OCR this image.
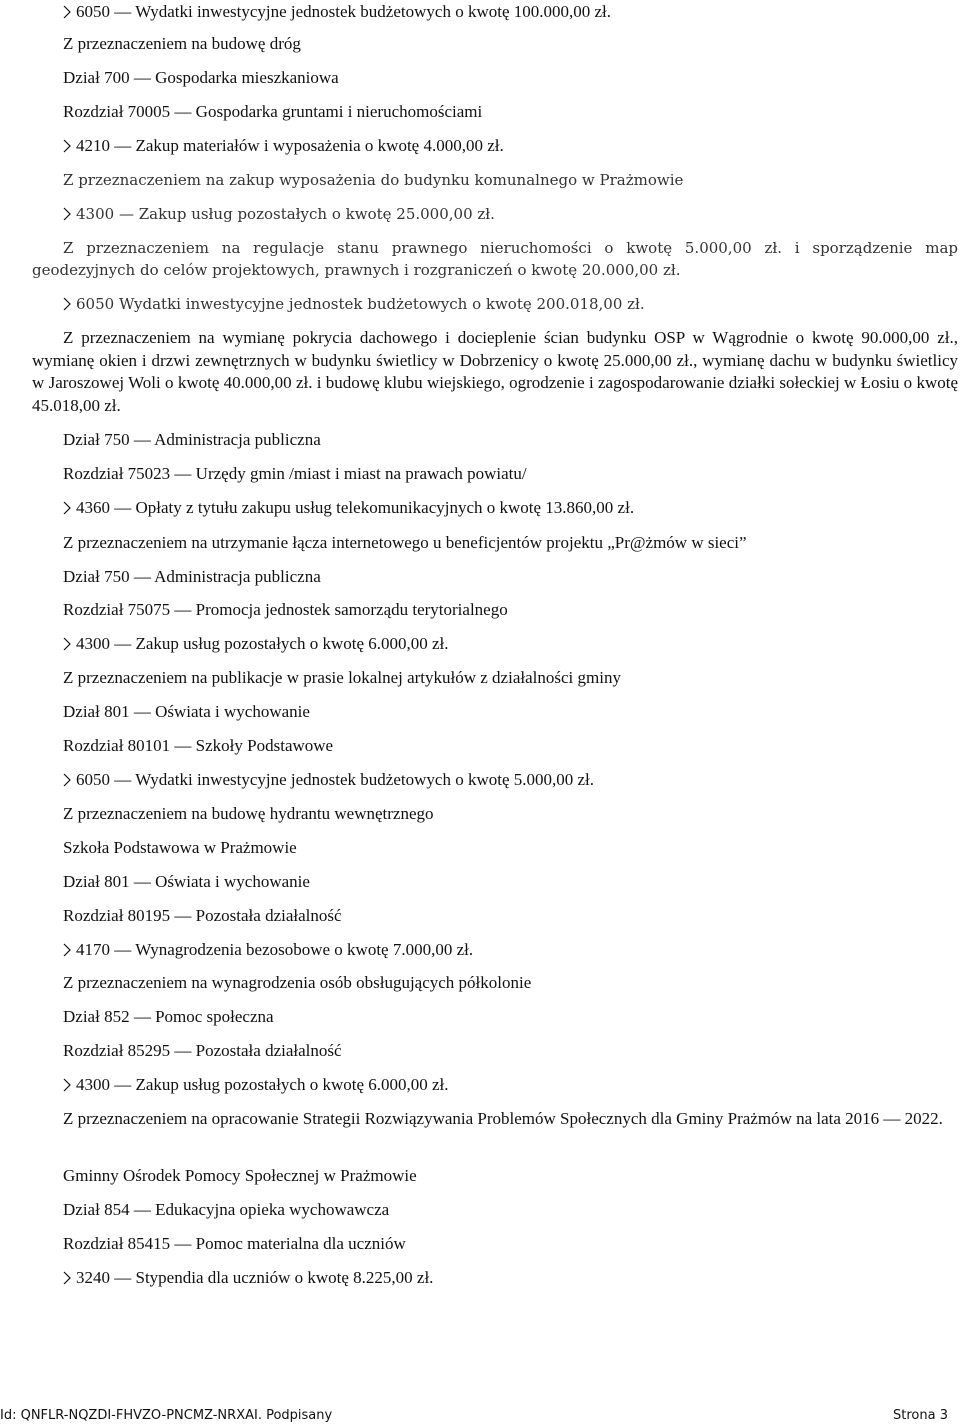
6050 — Wydatki inwestycyjne jednostek budżetowych o kwotę 100.000,00 zł.
Z przeznaczeniem na budowę dróg
Dział 700 — Gospodarka mieszkaniowa
Rozdział 70005 — Gospodarka gruntami i nieruchomościami
4210 — Zakup materiałów i wyposażenia o kwotę 4.000,00 zł.
Z przeznaczeniem na zakup wyposażenia do budynku komunalnego w Prażmowie
4300 — Zakup usług pozostałych o kwotę 25.000,00 zł.
Z przeznaczeniem na regulacje stanu prawnego nieruchomości o kwotę 5.000,00 zł. i sporządzenie map geodezyjnych do celów projektowych, prawnych i rozgraniczeń o kwotę 20.000,00 zł.
6050 Wydatki inwestycyjne jednostek budżetowych o kwotę 200.018,00 zł.
Z przeznaczeniem na wymianę pokrycia dachowego i docieplenie ścian budynku OSP w Wągrodnie o kwotę 90.000,00 zł., wymianę okien i drzwi zewnętrznych w budynku świetlicy w Dobrzenicy o kwotę 25.000,00 zł., wymianę dachu w budynku świetlicy w Jaroszowej Woli o kwotę 40.000,00 zł. i budowę klubu wiejskiego, ogrodzenie i zagospodarowanie działki sołeckiej w Łosiu o kwotę 45.018,00 zł.
Dział 750 — Administracja publiczna
Rozdział 75023 — Urzędy gmin /miast i miast na prawach powiatu/
4360 — Opłaty z tytułu zakupu usług telekomunikacyjnych o kwotę 13.860,00 zł.
Z przeznaczeniem na utrzymanie łącza internetowego u beneficjentów projektu „Pr@żmów w sieci”
Dział 750 — Administracja publiczna
Rozdział 75075 — Promocja jednostek samorządu terytorialnego
4300 — Zakup usług pozostałych o kwotę 6.000,00 zł.
Z przeznaczeniem na publikacje w prasie lokalnej artykułów z działalności gminy
Dział 801 — Oświata i wychowanie
Rozdział 80101 — Szkoły Podstawowe
6050 — Wydatki inwestycyjne jednostek budżetowych o kwotę 5.000,00 zł.
Z przeznaczeniem na budowę hydrantu wewnętrznego
Szkoła Podstawowa w Prażmowie
Dział 801 — Oświata i wychowanie
Rozdział 80195 — Pozostała działalność
4170 — Wynagrodzenia bezosobowe o kwotę 7.000,00 zł.
Z przeznaczeniem na wynagrodzenia osób obsługujących półkolonie
Dział 852 — Pomoc społeczna
Rozdział 85295 — Pozostała działalność
4300 — Zakup usług pozostałych o kwotę 6.000,00 zł.
Z przeznaczeniem na opracowanie Strategii Rozwiązywania Problemów Społecznych dla Gminy Prażmów na lata 2016 — 2022.
Gminny Ośrodek Pomocy Społecznej w Prażmowie
Dział 854 — Edukacyjna opieka wychowawcza
Rozdział 85415 — Pomoc materialna dla uczniów
3240 — Stypendia dla uczniów o kwotę 8.225,00 zł.
Id: QNFLR-NQZDI-FHVZO-PNCMZ-NRXAI. Podpisany	Strona 3
